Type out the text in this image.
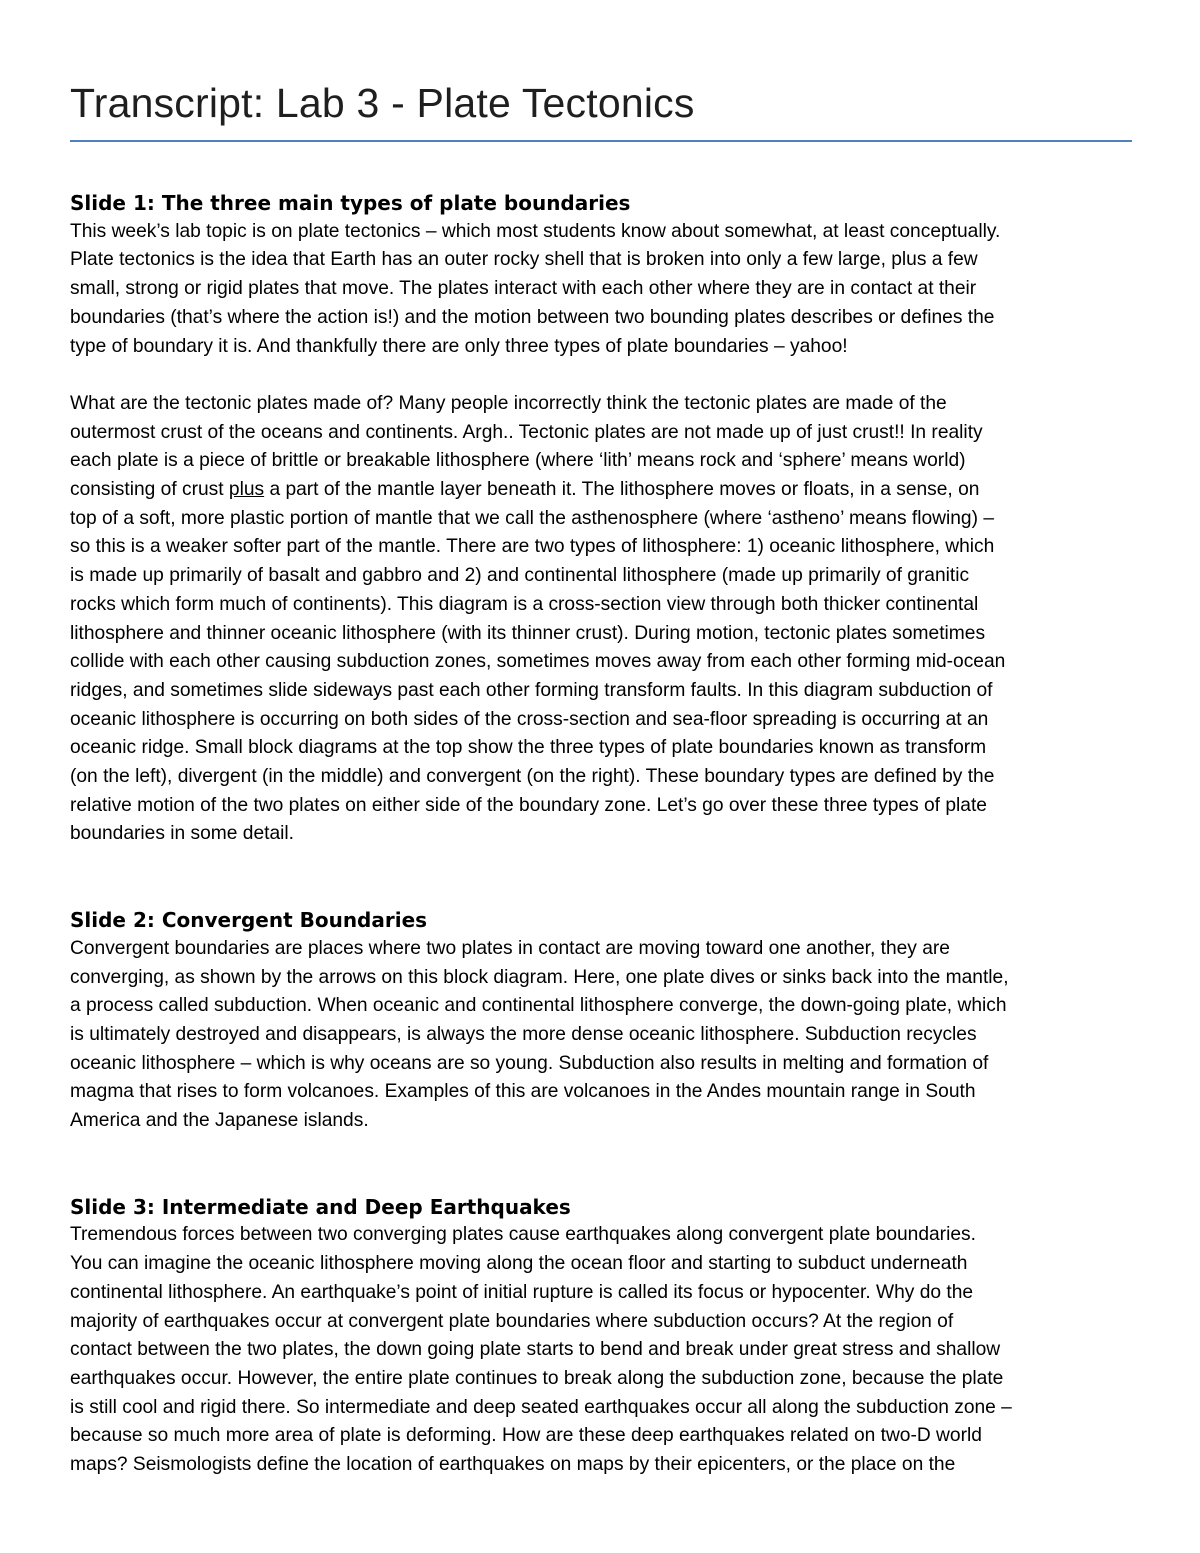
Transcript: Lab 3 - Plate Tectonics
Slide 1: The three main types of plate boundaries

This week’s lab topic is on plate tectonics – which most students know about somewhat, at least conceptually.
Plate tectonics is the idea that Earth has an outer rocky shell that is broken into only a few large, plus a few
small, strong or rigid plates that move. The plates interact with each other where they are in contact at their
boundaries (that’s where the action is!) and the motion between two bounding plates describes or defines the
type of boundary it is. And thankfully there are only three types of plate boundaries – yahoo!

What are the tectonic plates made of? Many people incorrectly think the tectonic plates are made of the
outermost crust of the oceans and continents. Argh.. Tectonic plates are not made up of just crust!! In reality
each plate is a piece of brittle or breakable lithosphere (where ‘lith’ means rock and ‘sphere’ means world)
consisting of crust plus a part of the mantle layer beneath it. The lithosphere moves or floats, in a sense, on
top of a soft, more plastic portion of mantle that we call the asthenosphere (where ‘astheno’ means flowing) –
so this is a weaker softer part of the mantle. There are two types of lithosphere: 1) oceanic lithosphere, which
is made up primarily of basalt and gabbro and 2) and continental lithosphere (made up primarily of granitic
rocks which form much of continents). This diagram is a cross-section view through both thicker continental
lithosphere and thinner oceanic lithosphere (with its thinner crust). During motion, tectonic plates sometimes
collide with each other causing subduction zones, sometimes moves away from each other forming mid-ocean
ridges, and sometimes slide sideways past each other forming transform faults. In this diagram subduction of
oceanic lithosphere is occurring on both sides of the cross-section and sea-floor spreading is occurring at an
oceanic ridge. Small block diagrams at the top show the three types of plate boundaries known as transform
(on the left), divergent (in the middle) and convergent (on the right). These boundary types are defined by the
relative motion of the two plates on either side of the boundary zone. Let’s go over these three types of plate
boundaries in some detail.

Slide 2: Convergent Boundaries

Convergent boundaries are places where two plates in contact are moving toward one another, they are
converging, as shown by the arrows on this block diagram. Here, one plate dives or sinks back into the mantle,
a process called subduction. When oceanic and continental lithosphere converge, the down-going plate, which
is ultimately destroyed and disappears, is always the more dense oceanic lithosphere. Subduction recycles
oceanic lithosphere – which is why oceans are so young. Subduction also results in melting and formation of
magma that rises to form volcanoes. Examples of this are volcanoes in the Andes mountain range in South
America and the Japanese islands.

Slide 3: Intermediate and Deep Earthquakes

Tremendous forces between two converging plates cause earthquakes along convergent plate boundaries.
You can imagine the oceanic lithosphere moving along the ocean floor and starting to subduct underneath
continental lithosphere. An earthquake’s point of initial rupture is called its focus or hypocenter. Why do the
majority of earthquakes occur at convergent plate boundaries where subduction occurs? At the region of
contact between the two plates, the down going plate starts to bend and break under great stress and shallow
earthquakes occur. However, the entire plate continues to break along the subduction zone, because the plate
is still cool and rigid there. So intermediate and deep seated earthquakes occur all along the subduction zone –
because so much more area of plate is deforming. How are these deep earthquakes related on two-D world
maps? Seismologists define the location of earthquakes on maps by their epicenters, or the place on the
